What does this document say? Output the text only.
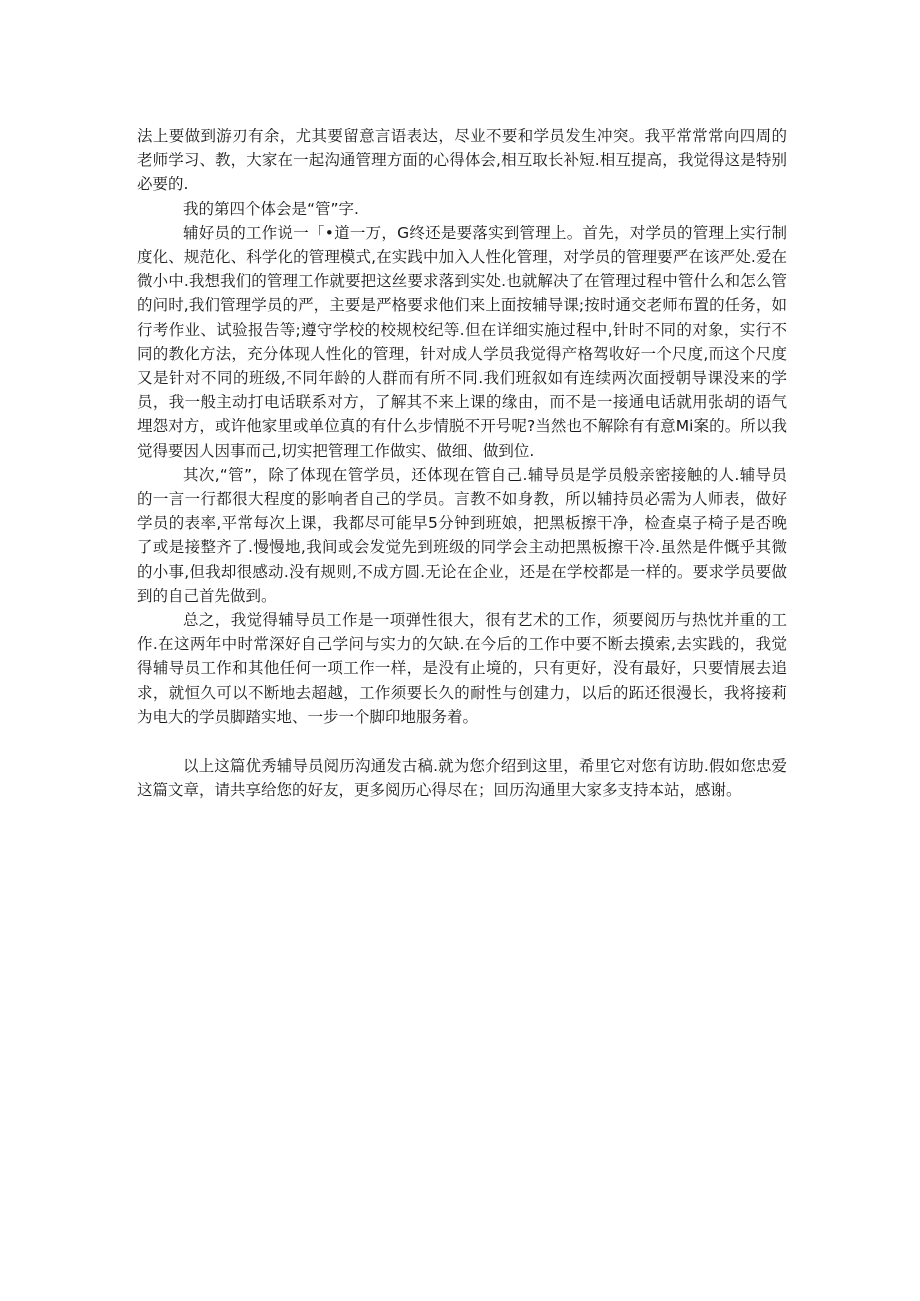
法上要做到游刃有余，尤其要留意言语表达，尽业不要和学员发生冲突。我平常常常向四周的老师学习、教，大家在一起沟通管理方面的心得体会,相互取长补短.相互提高，我觉得这是特别必要的.

我的第四个体会是“管”字.

辅好员的工作说一「•道一万，G终还是要落实到管理上。首先，对学员的管理上实行制度化、规范化、科学化的管理模式,在实践中加入人性化管理，对学员的管理要严在该严处.爱在微小中.我想我们的管理工作就要把这丝要求落到实处.也就解决了在管理过程中管什么和怎么管的问时,我们管理学员的严，主要是严格要求他们来上面按辅导课;按时通交老师布置的任务，如行考作业、试验报告等;遵守学校的校规校纪等.但在详细实施过程中,针时不同的对象，实行不同的教化方法，充分体现人性化的管理，针对成人学员我觉得产格驾收好一个尺度,而这个尺度又是针对不同的班级,不同年龄的人群而有所不同.我们班叙如有连续两次面授朝导课没来的学员，我一般主动打电话联系对方，了解其不来上课的缘由，而不是一接通电话就用张胡的语气埋怨对方，或许他家里或单位真的有什么步情脱不开号呢?当然也不解除有有意Mi案的。所以我觉得要因人因事而己,切实把管理工作做实、做细、做到位.

其次,“管”，除了体现在管学员，还体现在管自己.辅导员是学员般亲密接触的人.辅导员的一言一行都很大程度的影响者自己的学员。言教不如身教，所以辅持员必需为人师表，做好学员的表率,平常每次上课，我都尽可能早5分钟到班娘，把黑板擦干净，检查桌子椅子是否晚了或是接整齐了.慢慢地,我间或会发觉先到班级的同学会主动把黑板擦干冷.虽然是件慨乎其微的小事,但我却很感动.没有规则,不成方圆.无论在企业，还是在学校都是一样的。要求学员要做到的自己首先做到。

总之，我觉得辅导员工作是一项弹性很大，很有艺术的工作，须要阅历与热忱并重的工作.在这两年中时常深好自己学问与实力的欠缺.在今后的工作中要不断去摸索,去实践的，我觉得辅导员工作和其他任何一项工作一样，是没有止境的，只有更好，没有最好，只要情展去追求，就恒久可以不断地去超越，工作须要长久的耐性与创建力，以后的跖还很漫长，我将接莉为电大的学员脚踏实地、一步一个脚印地服务着。

以上这篇优秀辅导员阅历沟通发古稿.就为您介绍到这里，希里它对您有访助.假如您忠爱这篇文章，请共享给您的好友，更多阅历心得尽在；回历沟通里大家多支持本站，感谢。
